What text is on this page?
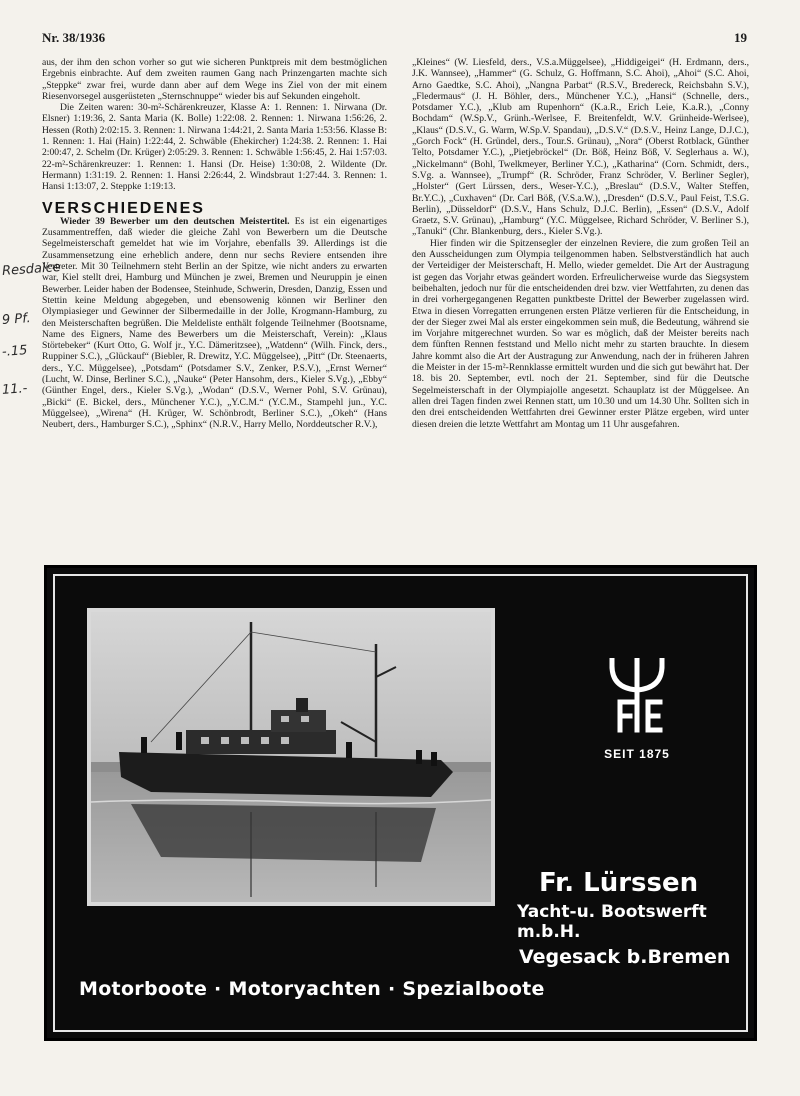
Nr. 38/1936	19
Resdalce
9 Pf.
-.15
11.-

aus, der ihm den schon vorher so gut wie sicheren Punktpreis mit dem bestmöglichen Ergebnis einbrachte. Auf dem zweiten raumen Gang nach Prinzengarten machte sich „Steppke“ zwar frei, wurde dann aber auf dem Wege ins Ziel von der mit einem Riesenvorsegel ausgerüsteten „Sternschnuppe“ wieder bis auf Sekunden eingeholt.

Die Zeiten waren: 30-m²-Schärenkreuzer, Klasse A: 1. Rennen: 1. Nirwana (Dr. Elsner) 1:19:36, 2. Santa Maria (K. Bolle) 1:22:08. 2. Rennen: 1. Nirwana 1:56:26, 2. Hessen (Roth) 2:02:15. 3. Rennen: 1. Nirwana 1:44:21, 2. Santa Maria 1:53:56. Klasse B: 1. Rennen: 1. Hai (Hain) 1:22:44, 2. Schwäble (Ehekircher) 1:24:38. 2. Rennen: 1. Hai 2:00:47, 2. Schelm (Dr. Krüger) 2:05:29. 3. Rennen: 1. Schwäble 1:56:45, 2. Hai 1:57:03. 22-m²-Schärenkreuzer: 1. Rennen: 1. Hansi (Dr. Heise) 1:30:08, 2. Wildente (Dr. Hermann) 1:31:19. 2. Rennen: 1. Hansi 2:26:44, 2. Windsbraut 1:27:44. 3. Rennen: 1. Hansi 1:13:07, 2. Steppke 1:19:13.

VERSCHIEDENES

Wieder 39 Bewerber um den deutschen Meistertitel. Es ist ein eigenartiges Zusammentreffen, daß wieder die gleiche Zahl von Bewerbern um die Deutsche Segelmeisterschaft gemeldet hat wie im Vorjahre, ebenfalls 39. Allerdings ist die Zusammensetzung eine erheblich andere, denn nur sechs Reviere entsenden ihre Vertreter. Mit 30 Teilnehmern steht Berlin an der Spitze, wie nicht anders zu erwarten war, Kiel stellt drei, Hamburg und München je zwei, Bremen und Neuruppin je einen Bewerber. Leider haben der Bodensee, Steinhude, Schwerin, Dresden, Danzig, Essen und Stettin keine Meldung abgegeben, und ebensowenig können wir Berliner den Olympiasieger und Gewinner der Silbermedaille in der Jolle, Krogmann-Hamburg, zu den Meisterschaften begrüßen. Die Meldeliste enthält folgende Teilnehmer (Bootsname, Name des Eigners, Name des Bewerbers um die Meisterschaft, Verein): „Klaus Störtebeker“ (Kurt Otto, G. Wolf jr., Y.C. Dämeritzsee), „Watdenn“ (Wilh. Finck, ders., Ruppiner S.C.), „Glückauf“ (Biebler, R. Drewitz, Y.C. Müggelsee), „Pitt“ (Dr. Steenaerts, ders., Y.C. Müggelsee), „Potsdam“ (Potsdamer S.V., Zenker, P.S.V.), „Ernst Werner“ (Lucht, W. Dinse, Berliner S.C.), „Nauke“ (Peter Hansohm, ders., Kieler S.Vg.), „Ebby“ (Günther Engel, ders., Kieler S.Vg.), „Wodan“ (D.S.V., Werner Pohl, S.V. Grünau), „Bicki“ (E. Bickel, ders., Münchener Y.C.), „Y.C.M.“ (Y.C.M., Stampehl jun., Y.C. Müggelsee), „Wirena“ (H. Krüger, W. Schönbrodt, Berliner S.C.), „Okeh“ (Hans Neubert, ders., Hamburger S.C.), „Sphinx“ (N.R.V., Harry Mello, Norddeutscher R.V.),

„Kleines“ (W. Liesfeld, ders., V.S.a.Müggelsee), „Hiddigeigei“ (H. Erdmann, ders., J.K. Wannsee), „Hammer“ (G. Schulz, G. Hoffmann, S.C. Ahoi), „Ahoi“ (S.C. Ahoi, Arno Gaedtke, S.C. Ahoi), „Nangna Parbat“ (R.S.V., Bredereck, Reichsbahn S.V.), „Fledermaus“ (J. H. Böhler, ders., Münchener Y.C.), „Hansi“ (Schnelle, ders., Potsdamer Y.C.), „Klub am Rupenhorn“ (K.a.R., Erich Leie, K.a.R.), „Conny Bochdam“ (W.Sp.V., Grünh.-Werlsee, F. Breitenfeldt, W.V. Grünheide-Werlsee), „Klaus“ (D.S.V., G. Warm, W.Sp.V. Spandau), „D.S.V.“ (D.S.V., Heinz Lange, D.J.C.), „Gorch Fock“ (H. Gründel, ders., Tour.S. Grünau), „Nora“ (Oberst Rotblack, Günther Telto, Potsdamer Y.C.), „Pietjebröckel“ (Dr. Böß, Heinz Böß, V. Seglerhaus a. W.), „Nickelmann“ (Bohl, Twelkmeyer, Berliner Y.C.), „Katharina“ (Corn. Schmidt, ders., S.Vg. a. Wannsee), „Trumpf“ (R. Schröder, Franz Schröder, V. Berliner Segler), „Holster“ (Gert Lürssen, ders., Weser-Y.C.), „Breslau“ (D.S.V., Walter Steffen, Br.Y.C.), „Cuxhaven“ (Dr. Carl Böß, (V.S.a.W.), „Dresden“ (D.S.V., Paul Feist, T.S.G. Berlin), „Düsseldorf“ (D.S.V., Hans Schulz, D.J.C. Berlin), „Essen“ (D.S.V., Adolf Graetz, S.V. Grünau), „Hamburg“ (Y.C. Müggelsee, Richard Schröder, V. Berliner S.), „Tanuki“ (Chr. Blankenburg, ders., Kieler S.Vg.).

Hier finden wir die Spitzensegler der einzelnen Reviere, die zum großen Teil an den Ausscheidungen zum Olympia teilgenommen haben. Selbstverständlich hat auch der Verteidiger der Meisterschaft, H. Mello, wieder gemeldet. Die Art der Austragung ist gegen das Vorjahr etwas geändert worden. Erfreulicherweise wurde das Siegsystem beibehalten, jedoch nur für die entscheidenden drei bzw. vier Wettfahrten, zu denen das in drei vorhergegangenen Regatten punktbeste Drittel der Bewerber zugelassen wird. Etwa in diesen Vorregatten errungenen ersten Plätze verlieren für die Entscheidung, in der der Sieger zwei Mal als erster eingekommen sein muß, die Bedeutung, während sie im Vorjahre mitgerechnet wurden. So war es möglich, daß der Meister bereits nach dem fünften Rennen feststand und Mello nicht mehr zu starten brauchte. In diesem Jahre kommt also die Art der Austragung zur Anwendung, nach der in früheren Jahren die Meister in der 15-m²-Rennklasse ermittelt wurden und die sich gut bewährt hat. Der 18. bis 20. September, evtl. noch der 21. September, sind für die Deutsche Segelmeisterschaft in der Olympiajolle angesetzt. Schauplatz ist der Müggelsee. An allen drei Tagen finden zwei Rennen statt, um 10.30 und um 14.30 Uhr. Sollten sich in den drei entscheidenden Wettfahrten drei Gewinner erster Plätze ergeben, wird unter diesen dreien die letzte Wettfahrt am Montag um 11 Uhr ausgefahren.

SEIT 1875
Fr. Lürssen
Yacht-u. Bootswerft m.b.H.
Vegesack b.Bremen
Motorboote · Motoryachten · Spezialboote
